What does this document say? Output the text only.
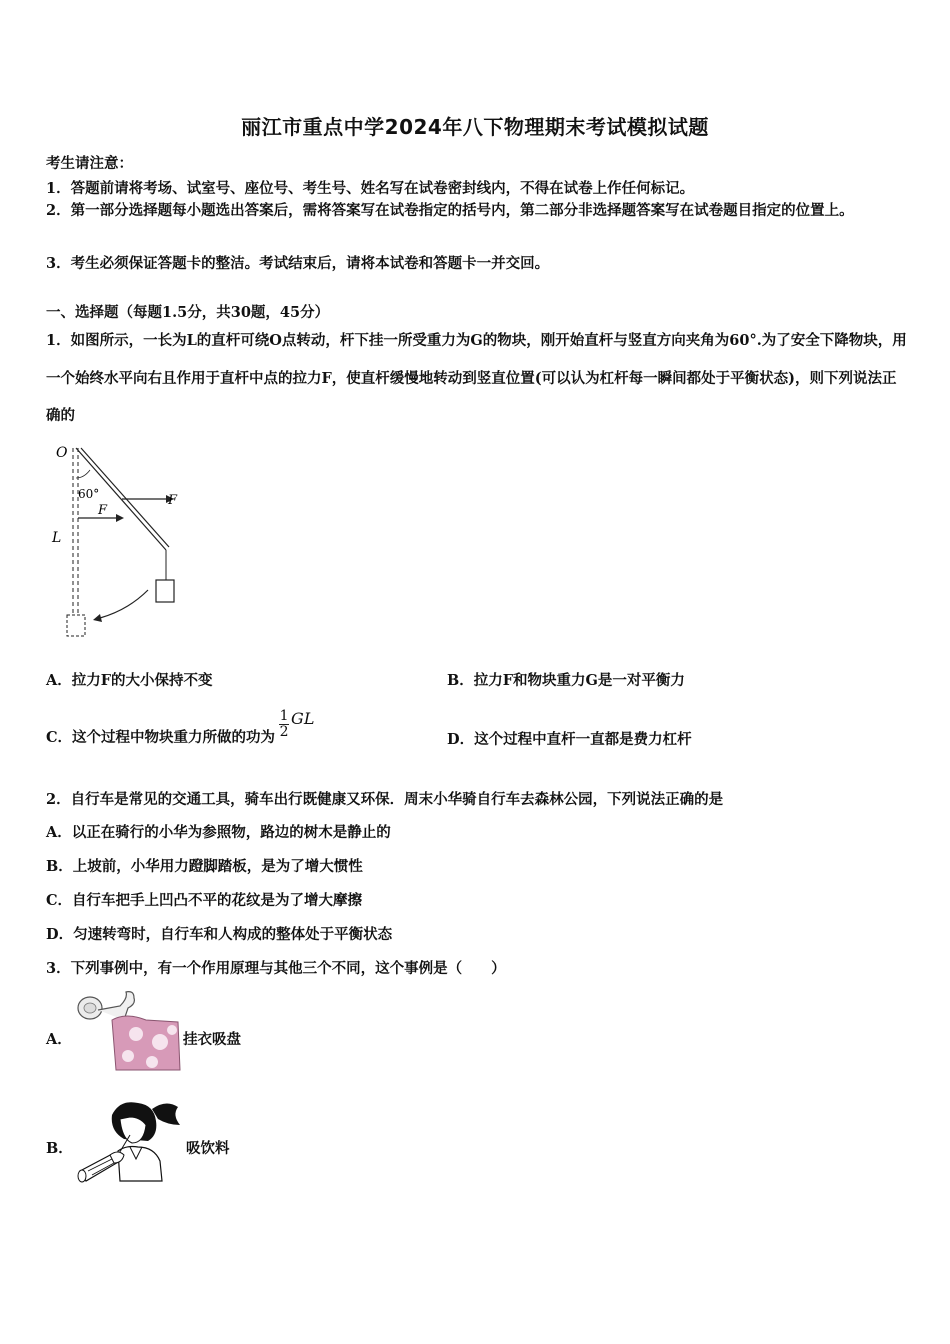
丽江市重点中学2024年八下物理期末考试模拟试题
考生请注意：
1．答题前请将考场、试室号、座位号、考生号、姓名写在试卷密封线内，不得在试卷上作任何标记。
2．第一部分选择题每小题选出答案后，需将答案写在试卷指定的括号内，第二部分非选择题答案写在试卷题目指定的位置上。
3．考生必须保证答题卡的整洁。考试结束后，请将本试卷和答题卡一并交回。
一、选择题（每题1.5分，共30题，45分）
1．如图所示，一长为L的直杆可绕O点转动，杆下挂一所受重力为G的物块，刚开始直杆与竖直方向夹角为60°.为了安全下降物块，用一个始终水平向右且作用于直杆中点的拉力F，使直杆缓慢地转动到竖直位置(可以认为杠杆每一瞬间都处于平衡状态)，则下列说法正确的
O
60°	F
F
L
A．拉力F的大小保持不变	B．拉力F和物块重力G是一对平衡力
C．这个过程中物块重力所做的功为 $\frac{1}{2}$ GL
D．这个过程中直杆一直都是费力杠杆
2．自行车是常见的交通工具，骑车出行既健康又环保．周末小华骑自行车去森林公园，下列说法正确的是
A．以正在骑行的小华为参照物，路边的树木是静止的
B．上坡前，小华用力蹬脚踏板，是为了增大惯性
C．自行车把手上凹凸不平的花纹是为了增大摩擦
D．匀速转弯时，自行车和人构成的整体处于平衡状态
3．下列事例中，有一个作用原理与其他三个不同，这个事例是（　　）
A．	挂衣吸盘
B．	吸饮料
